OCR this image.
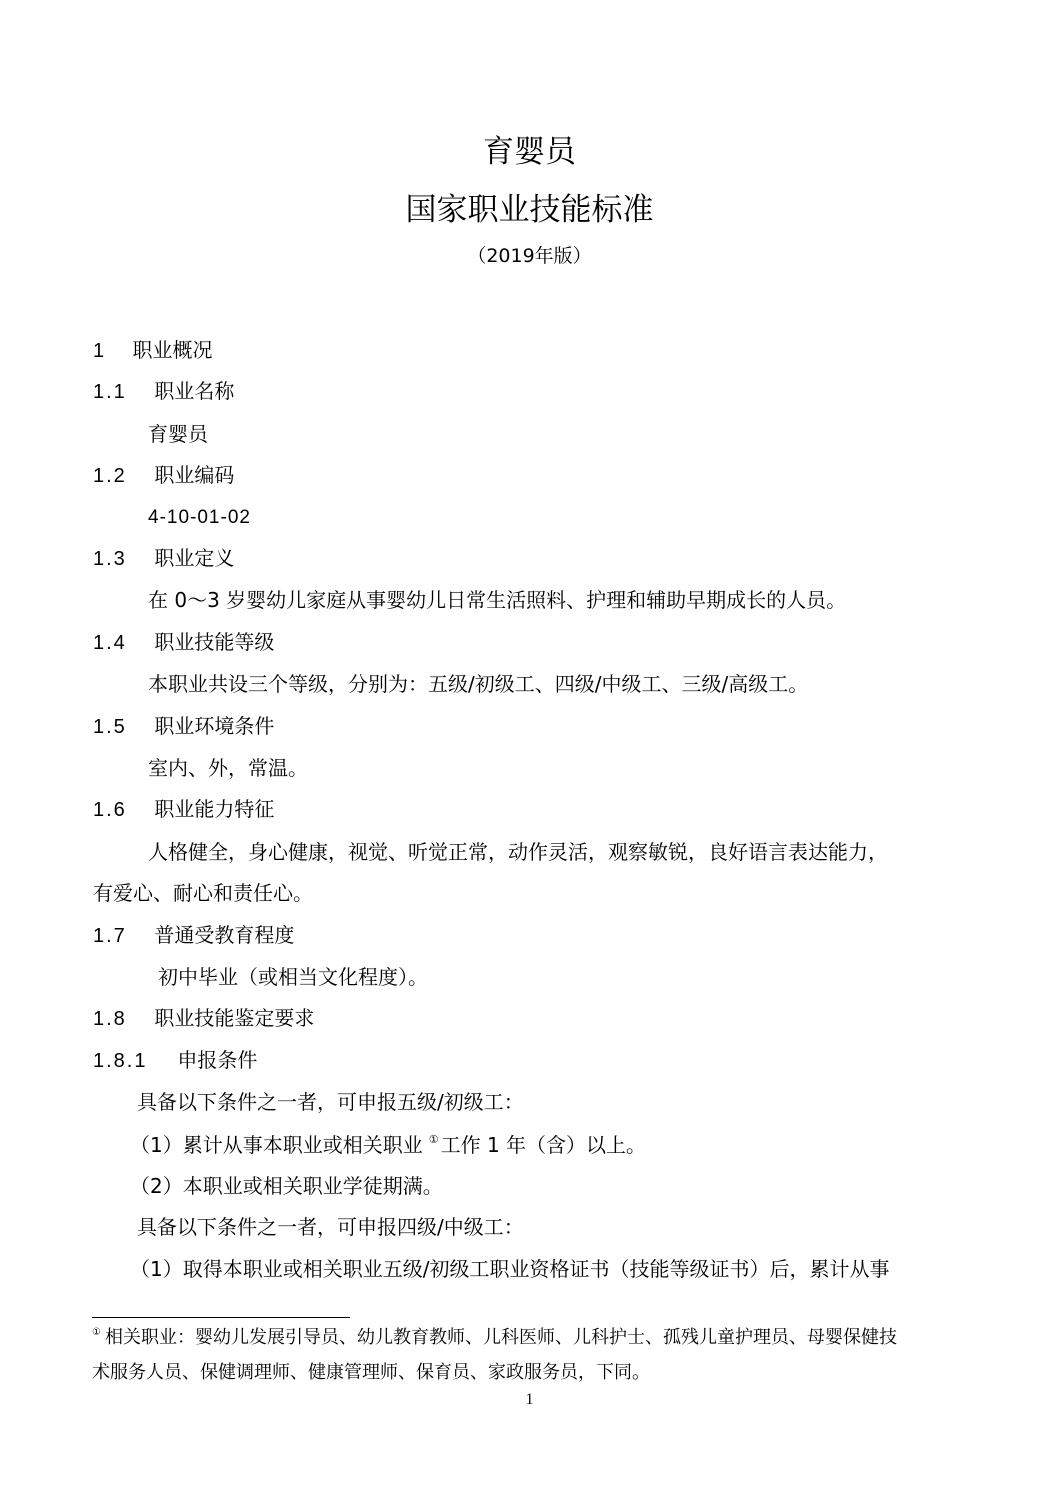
育婴员
国家职业技能标准
（2019年版）
1 职业概况
1.1 职业名称
育婴员
1.2 职业编码
4-10-01-02
1.3 职业定义
在 0～3 岁婴幼儿家庭从事婴幼儿日常生活照料、护理和辅助早期成长的人员。
1.4 职业技能等级
本职业共设三个等级，分别为：五级/初级工、四级/中级工、三级/高级工。
1.5 职业环境条件
室内、外，常温。
1.6 职业能力特征
人格健全，身心健康，视觉、听觉正常，动作灵活，观察敏锐，良好语言表达能力，
有爱心、耐心和责任心。
1.7 普通受教育程度
初中毕业（或相当文化程度）。
1.8 职业技能鉴定要求
1.8.1 申报条件
具备以下条件之一者，可申报五级/初级工：
（1）累计从事本职业或相关职业 ① 工作 1 年（含）以上。
（2）本职业或相关职业学徒期满。
具备以下条件之一者，可申报四级/中级工：
（1）取得本职业或相关职业五级/初级工职业资格证书（技能等级证书）后，累计从事
① 相关职业：婴幼儿发展引导员、幼儿教育教师、儿科医师、儿科护士、孤残儿童护理员、母婴保健技
术服务人员、保健调理师、健康管理师、保育员、家政服务员，下同。
1
